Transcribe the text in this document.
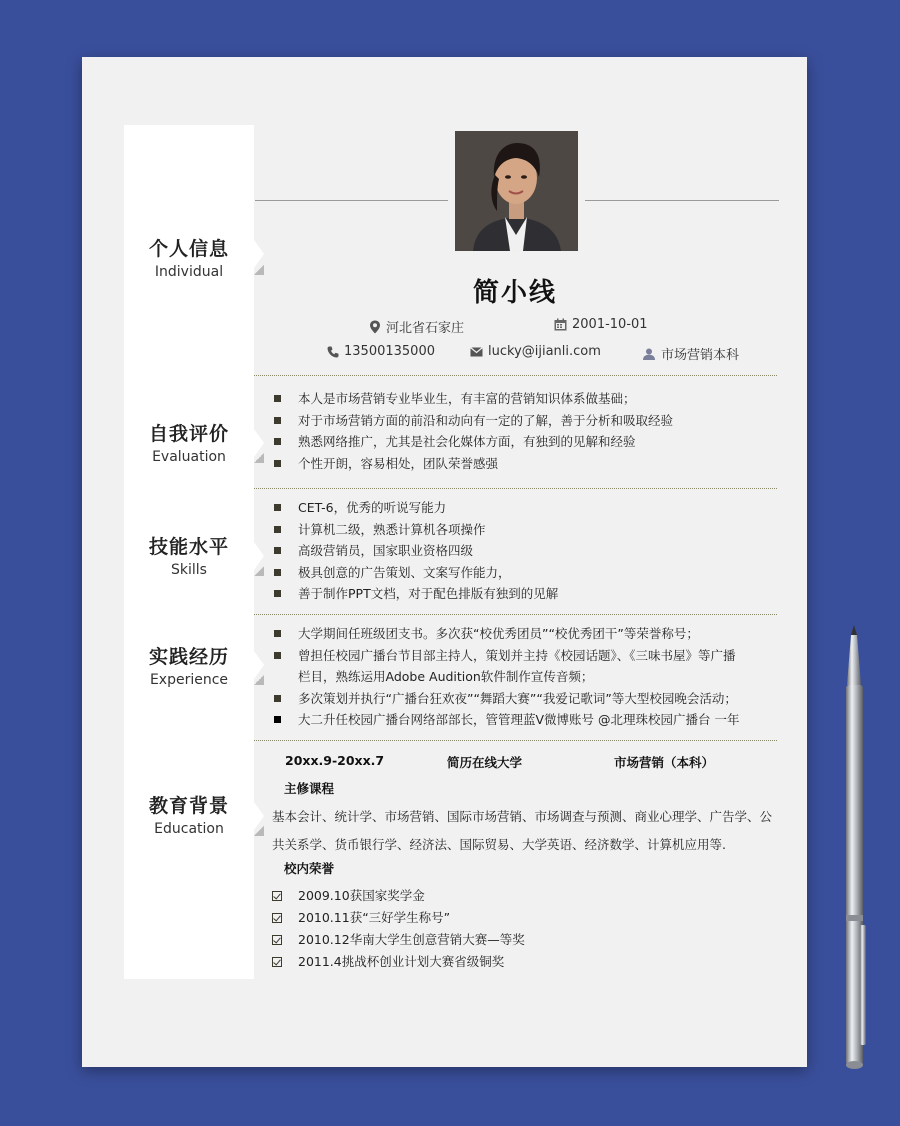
个人信息
Individual
自我评价
Evaluation
技能水平
Skills
实践经历
Experience
教育背景
Education
简小线
河北省石家庄	2001-10-01
13500135000	lucky@ijianli.com	市场营销本科
本人是市场营销专业毕业生，有丰富的营销知识体系做基础；
对于市场营销方面的前沿和动向有一定的了解，善于分析和吸取经验
熟悉网络推广，尤其是社会化媒体方面，有独到的见解和经验
个性开朗，容易相处，团队荣誉感强
CET-6，优秀的听说写能力
计算机二级，熟悉计算机各项操作
高级营销员，国家职业资格四级
极具创意的广告策划、文案写作能力，
善于制作PPT文档，对于配色排版有独到的见解
大学期间任班级团支书。多次获“校优秀团员”“校优秀团干”等荣誉称号；
曾担任校园广播台节目部主持人，策划并主持《校园话题》、《三味书屋》等广播
栏目，熟练运用Adobe Audition软件制作宣传音频；
多次策划并执行“广播台狂欢夜”“舞蹈大赛”“我爱记歌词”等大型校园晚会活动；
大二升任校园广播台网络部部长，管管理蓝V微博账号 @北理珠校园广播台 一年
20xx.9-20xx.7	简历在线大学	市场营销（本科）
主修课程
基本会计、统计学、市场营销、国际市场营销、市场调查与预测、商业心理学、广告学、公共关系学、货币银行学、经济法、国际贸易、大学英语、经济数学、计算机应用等.
校内荣誉
2009.10获国家奖学金
2010.11获“三好学生称号”
2010.12华南大学生创意营销大赛—等奖
2011.4挑战杯创业计划大赛省级铜奖
